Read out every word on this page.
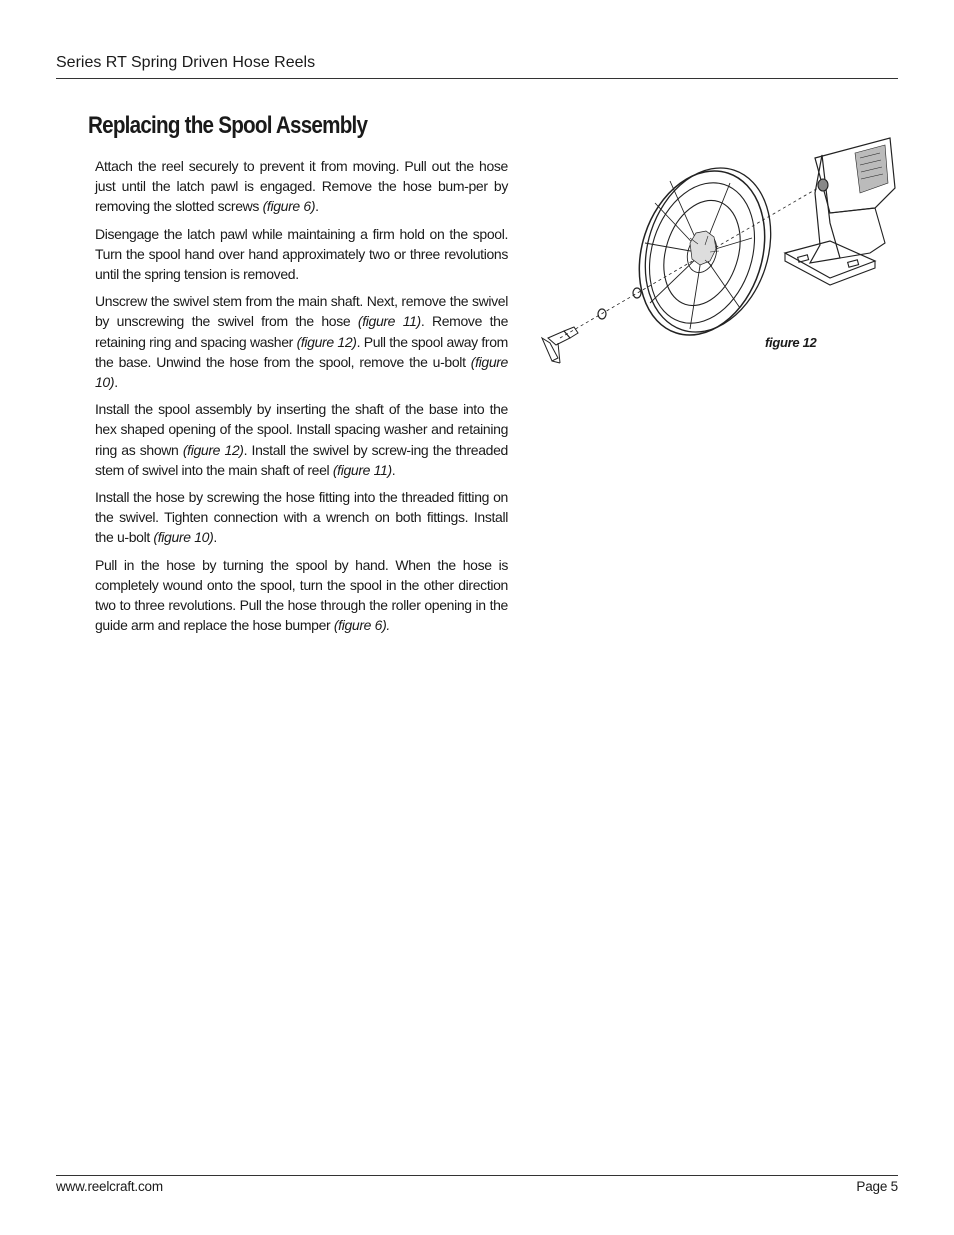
Series RT Spring Driven Hose Reels
Replacing the Spool Assembly

Attach the reel securely to prevent it from moving. Pull out the hose just until the latch pawl is engaged. Remove the hose bum-per by removing the slotted screws (figure 6).

Disengage the latch pawl while maintaining a firm hold on the spool. Turn the spool hand over hand approximately two or three revolutions until the spring tension is removed.

Unscrew the swivel stem from the main shaft. Next, remove the swivel by unscrewing the swivel from the hose (figure 11). Remove the retaining ring and spacing washer (figure 12). Pull the spool away from the base. Unwind the hose from the spool, remove the u-bolt (figure 10).

Install the spool assembly by inserting the shaft of the base into the hex shaped opening of the spool. Install spacing washer and retaining ring as shown (figure 12). Install the swivel by screw-ing the threaded stem of swivel into the main shaft of reel (figure 11).

Install the hose by screwing the hose fitting into the threaded fitting on the swivel. Tighten connection with a wrench on both fittings. Install the u-bolt (figure 10).

Pull in the hose by turning the spool by hand. When the hose is completely wound onto the spool, turn the spool in the other direction two to three revolutions. Pull the hose through the roller opening in the guide arm and replace the hose bumper (figure 6).

figure 12
www.reelcraft.com	Page 5
